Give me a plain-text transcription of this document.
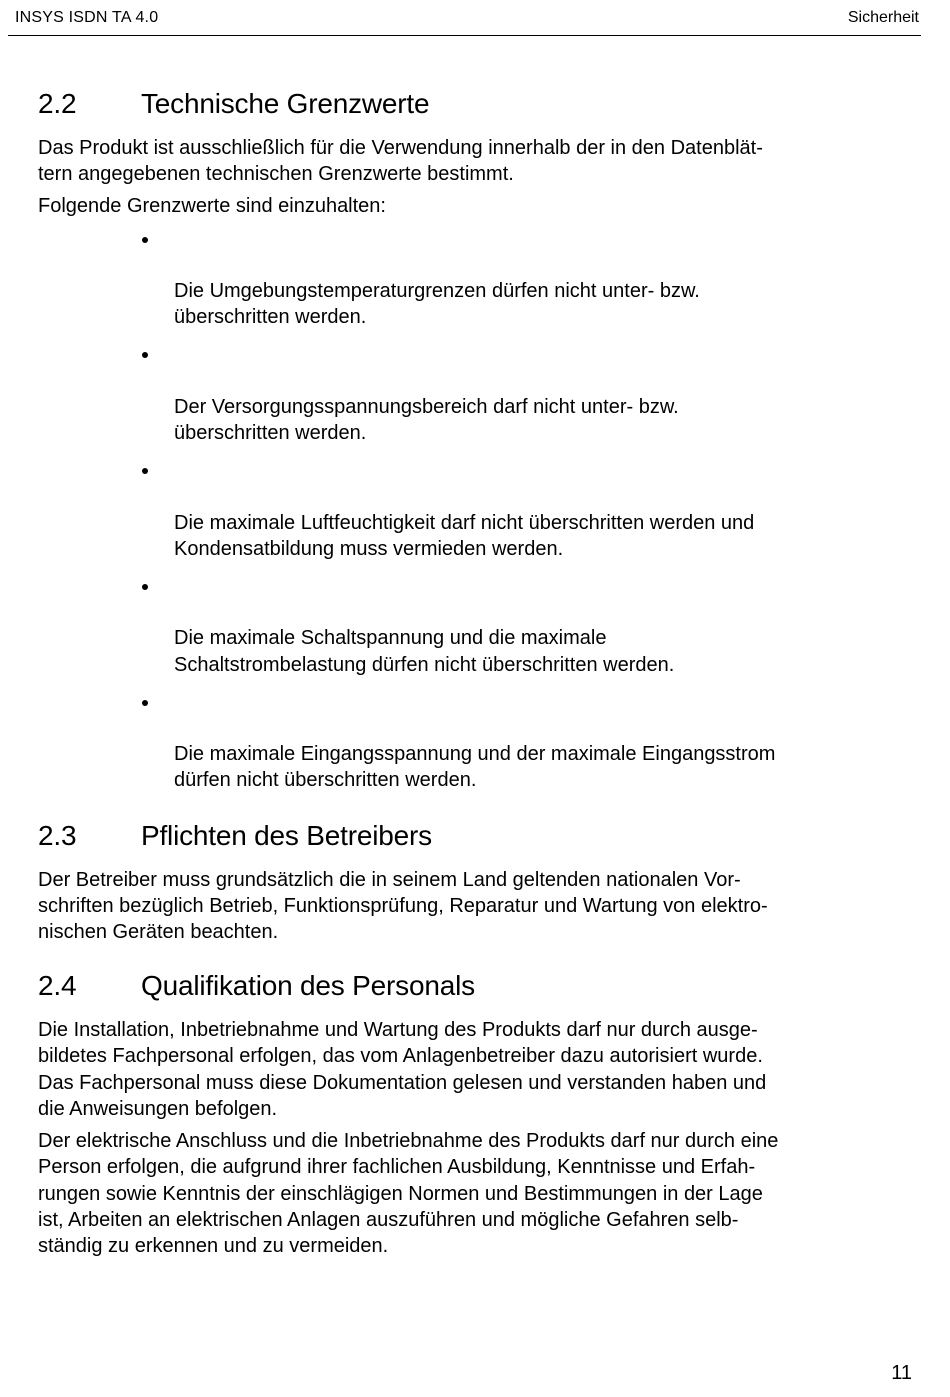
INSYS ISDN TA 4.0	Sicherheit
2.2	Technische Grenzwerte

Das Produkt ist ausschließlich für die Verwendung innerhalb der in den Datenblät-
tern angegebenen technischen Grenzwerte bestimmt.

Folgende Grenzwerte sind einzuhalten:

Die Umgebungstemperaturgrenzen dürfen nicht unter- bzw.
überschritten werden.

Der Versorgungsspannungsbereich darf nicht unter- bzw.
überschritten werden.

Die maximale Luftfeuchtigkeit darf nicht überschritten werden und
Kondensatbildung muss vermieden werden.

Die maximale Schaltspannung und die maximale
Schaltstrombelastung dürfen nicht überschritten werden.

Die maximale Eingangsspannung und der maximale Eingangsstrom
dürfen nicht überschritten werden.

2.3	Pflichten des Betreibers

Der Betreiber muss grundsätzlich die in seinem Land geltenden nationalen Vor-
schriften bezüglich Betrieb, Funktionsprüfung, Reparatur und Wartung von elektro-
nischen Geräten beachten.

2.4	Qualifikation des Personals

Die Installation, Inbetriebnahme und Wartung des Produkts darf nur durch ausge-
bildetes Fachpersonal erfolgen, das vom Anlagenbetreiber dazu autorisiert wurde.
Das Fachpersonal muss diese Dokumentation gelesen und verstanden haben und
die Anweisungen befolgen.

Der elektrische Anschluss und die Inbetriebnahme des Produkts darf nur durch eine
Person erfolgen, die aufgrund ihrer fachlichen Ausbildung, Kenntnisse und Erfah-
rungen sowie Kenntnis der einschlägigen Normen und Bestimmungen in der Lage
ist, Arbeiten an elektrischen Anlagen auszuführen und mögliche Gefahren selb-
ständig zu erkennen und zu vermeiden.

11
